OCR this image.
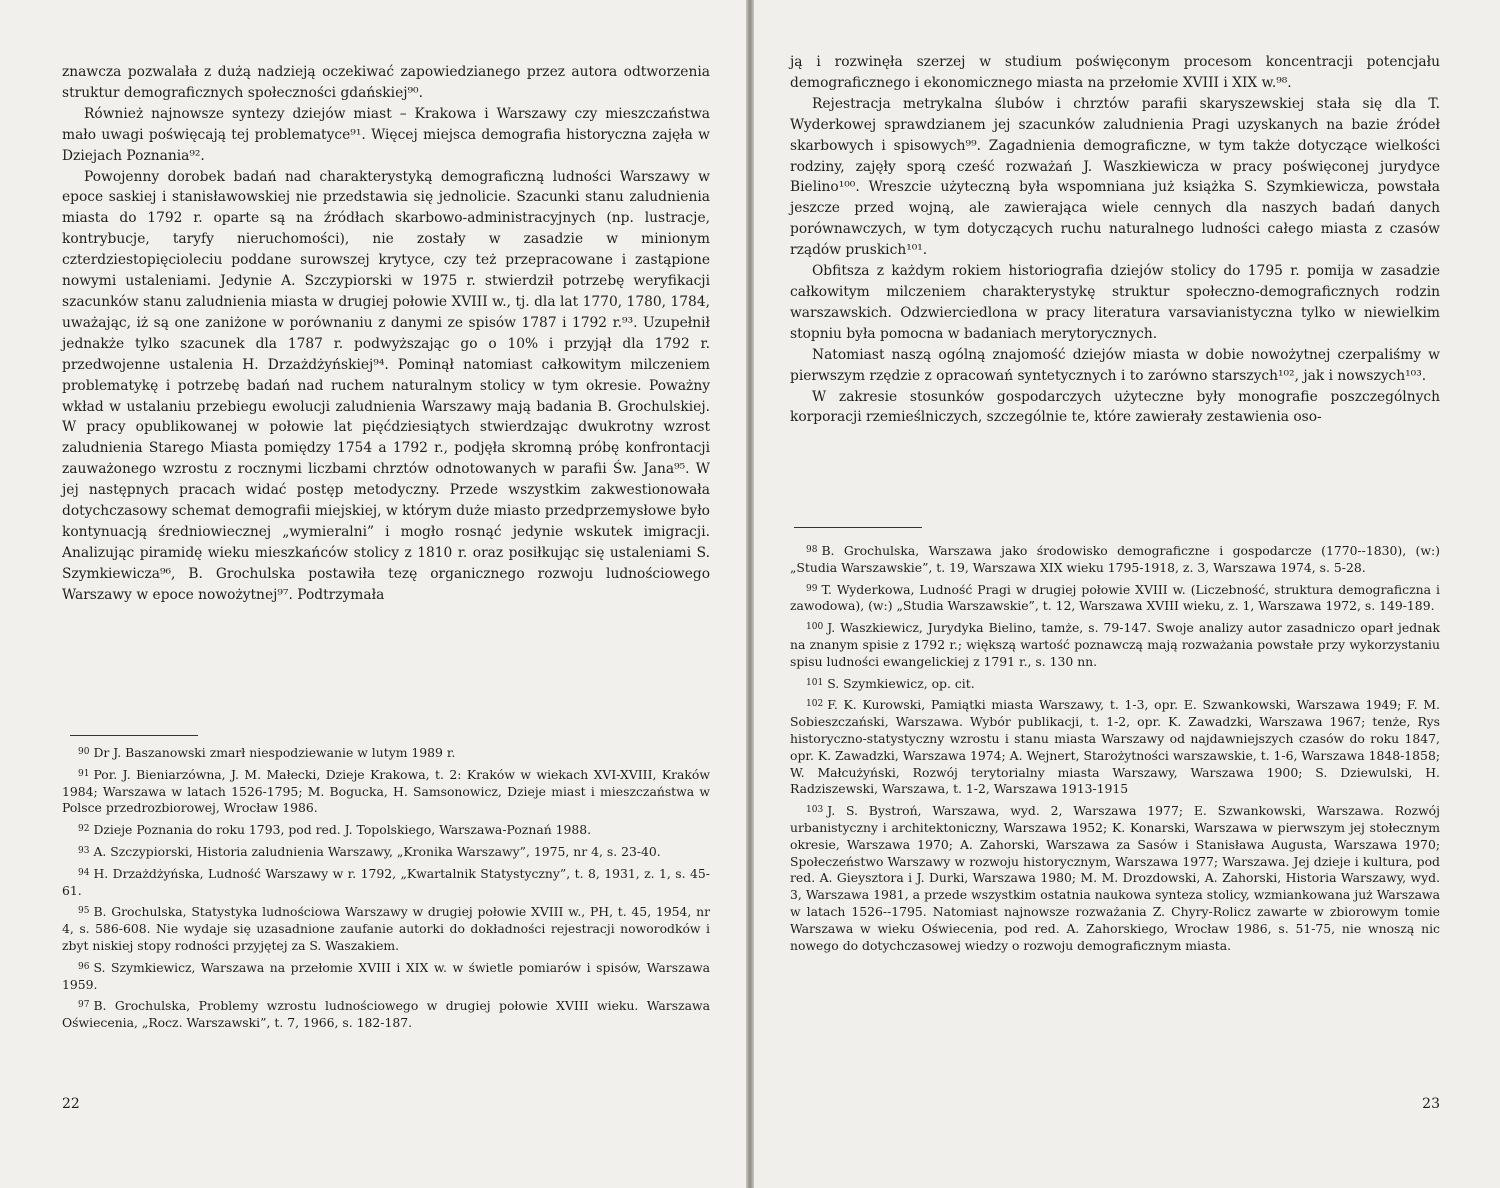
znawcza pozwalała z dużą nadzieją oczekiwać zapowiedzianego przez autora odtworzenia struktur demograficznych społeczności gdańskiej⁹⁰.

Również najnowsze syntezy dziejów miast – Krakowa i Warszawy czy mieszczaństwa mało uwagi poświęcają tej problematyce⁹¹. Więcej miejsca demografia historyczna zajęła w Dziejach Poznania⁹².

Powojenny dorobek badań nad charakterystyką demograficzną ludności Warszawy w epoce saskiej i stanisławowskiej nie przedstawia się jednolicie. Szacunki stanu zaludnienia miasta do 1792 r. oparte są na źródłach skarbowo-administracyjnych (np. lustracje, kontrybucje, taryfy nieruchomości), nie zostały w zasadzie w minionym czterdziestopięcioleciu poddane surowszej krytyce, czy też przepracowane i zastąpione nowymi ustaleniami. Jedynie A. Szczypiorski w 1975 r. stwierdził potrzebę weryfikacji szacunków stanu zaludnienia miasta w drugiej połowie XVIII w., tj. dla lat 1770, 1780, 1784, uważając, iż są one zaniżone w porównaniu z danymi ze spisów 1787 i 1792 r.⁹³. Uzupełnił jednakże tylko szacunek dla 1787 r. podwyższając go o 10% i przyjął dla 1792 r. przedwojenne ustalenia H. Drzażdżyńskiej⁹⁴. Pominął natomiast całkowitym milczeniem problematykę i potrzebę badań nad ruchem naturalnym stolicy w tym okresie. Poważny wkład w ustalaniu przebiegu ewolucji zaludnienia Warszawy mają badania B. Grochulskiej. W pracy opublikowanej w połowie lat pięćdziesiątych stwierdzając dwukrotny wzrost zaludnienia Starego Miasta pomiędzy 1754 a 1792 r., podjęła skromną próbę konfrontacji zauważonego wzrostu z rocznymi liczbami chrztów odnotowanych w parafii Św. Jana⁹⁵. W jej następnych pracach widać postęp metodyczny. Przede wszystkim zakwestionowała dotychczasowy schemat demografii miejskiej, w którym duże miasto przedprzemysłowe było kontynuacją średniowiecznej „wymieralni” i mogło rosnąć jedynie wskutek imigracji. Analizując piramidę wieku mieszkańców stolicy z 1810 r. oraz posiłkując się ustaleniami S. Szymkiewicza⁹⁶, B. Grochulska postawiła tezę organicznego rozwoju ludnościowego Warszawy w epoce nowożytnej⁹⁷. Podtrzymała

$^{90}$ Dr J. Baszanowski zmarł niespodziewanie w lutym 1989 r.

$^{91}$ Por. J. Bieniarzówna, J. M. Małecki, Dzieje Krakowa, t. 2: Kraków w wiekach XVI-XVIII, Kraków 1984; Warszawa w latach 1526-1795; M. Bogucka, H. Samsonowicz, Dzieje miast i mieszczaństwa w Polsce przedrozbiorowej, Wrocław 1986.

$^{92}$ Dzieje Poznania do roku 1793, pod red. J. Topolskiego, Warszawa-Poznań 1988.

$^{93}$ A. Szczypiorski, Historia zaludnienia Warszawy, „Kronika Warszawy”, 1975, nr 4, s. 23-40.

$^{94}$ H. Drzażdżyńska, Ludność Warszawy w r. 1792, „Kwartalnik Statystyczny”, t. 8, 1931, z. 1, s. 45-61.

$^{95}$ B. Grochulska, Statystyka ludnościowa Warszawy w drugiej połowie XVIII w., PH, t. 45, 1954, nr 4, s. 586-608. Nie wydaje się uzasadnione zaufanie autorki do dokładności rejestracji noworodków i zbyt niskiej stopy rodności przyjętej za S. Waszakiem.

$^{96}$ S. Szymkiewicz, Warszawa na przełomie XVIII i XIX w. w świetle pomiarów i spisów, Warszawa 1959.

$^{97}$ B. Grochulska, Problemy wzrostu ludnościowego w drugiej połowie XVIII wieku. Warszawa Oświecenia, „Rocz. Warszawski”, t. 7, 1966, s. 182-187.

22

ją i rozwinęła szerzej w studium poświęconym procesom koncentracji potencjału demograficznego i ekonomicznego miasta na przełomie XVIII i XIX w.⁹⁸.

Rejestracja metrykalna ślubów i chrztów parafii skaryszewskiej stała się dla T. Wyderkowej sprawdzianem jej szacunków zaludnienia Pragi uzyskanych na bazie źródeł skarbowych i spisowych⁹⁹. Zagadnienia demograficzne, w tym także dotyczące wielkości rodziny, zajęły sporą cześć rozważań J. Waszkiewicza w pracy poświęconej jurydyce Bielino¹⁰⁰. Wreszcie użyteczną była wspomniana już książka S. Szymkiewicza, powstała jeszcze przed wojną, ale zawierająca wiele cennych dla naszych badań danych porównawczych, w tym dotyczących ruchu naturalnego ludności całego miasta z czasów rządów pruskich¹⁰¹.

Obfitsza z każdym rokiem historiografia dziejów stolicy do 1795 r. pomija w zasadzie całkowitym milczeniem charakterystykę struktur społeczno-demograficznych rodzin warszawskich. Odzwierciedlona w pracy literatura varsavianistyczna tylko w niewielkim stopniu była pomocna w badaniach merytorycznych.

Natomiast naszą ogólną znajomość dziejów miasta w dobie nowożytnej czerpaliśmy w pierwszym rzędzie z opracowań syntetycznych i to zarówno starszych¹⁰², jak i nowszych¹⁰³.

W zakresie stosunków gospodarczych użyteczne były monografie poszczególnych korporacji rzemieślniczych, szczególnie te, które zawierały zestawienia oso-

$^{98}$ B. Grochulska, Warszawa jako środowisko demograficzne i gospodarcze (1770--1830), (w:) „Studia Warszawskie”, t. 19, Warszawa XIX wieku 1795-1918, z. 3, Warszawa 1974, s. 5-28.

$^{99}$ T. Wyderkowa, Ludność Pragi w drugiej połowie XVIII w. (Liczebność, struktura demograficzna i zawodowa), (w:) „Studia Warszawskie”, t. 12, Warszawa XVIII wieku, z. 1, Warszawa 1972, s. 149-189.

$^{100}$ J. Waszkiewicz, Jurydyka Bielino, tamże, s. 79-147. Swoje analizy autor zasadniczo oparł jednak na znanym spisie z 1792 r.; większą wartość poznawczą mają rozważania powstałe przy wykorzystaniu spisu ludności ewangelickiej z 1791 r., s. 130 nn.

$^{101}$ S. Szymkiewicz, op. cit.

$^{102}$ F. K. Kurowski, Pamiątki miasta Warszawy, t. 1-3, opr. E. Szwankowski, Warszawa 1949; F. M. Sobieszczański, Warszawa. Wybór publikacji, t. 1-2, opr. K. Zawadzki, Warszawa 1967; tenże, Rys historyczno-statystyczny wzrostu i stanu miasta Warszawy od najdawniejszych czasów do roku 1847, opr. K. Zawadzki, Warszawa 1974; A. Wejnert, Starożytności warszawskie, t. 1-6, Warszawa 1848-1858; W. Małcużyński, Rozwój terytorialny miasta Warszawy, Warszawa 1900; S. Dziewulski, H. Radziszewski, Warszawa, t. 1-2, Warszawa 1913-1915

$^{103}$ J. S. Bystroń, Warszawa, wyd. 2, Warszawa 1977; E. Szwankowski, Warszawa. Rozwój urbanistyczny i architektoniczny, Warszawa 1952; K. Konarski, Warszawa w pierwszym jej stołecznym okresie, Warszawa 1970; A. Zahorski, Warszawa za Sasów i Stanisława Augusta, Warszawa 1970; Społeczeństwo Warszawy w rozwoju historycznym, Warszawa 1977; Warszawa. Jej dzieje i kultura, pod red. A. Gieysztora i J. Durki, Warszawa 1980; M. M. Drozdowski, A. Zahorski, Historia Warszawy, wyd. 3, Warszawa 1981, a przede wszystkim ostatnia naukowa synteza stolicy, wzmiankowana już Warszawa w latach 1526--1795. Natomiast najnowsze rozważania Z. Chyry-Rolicz zawarte w zbiorowym tomie Warszawa w wieku Oświecenia, pod red. A. Zahorskiego, Wrocław 1986, s. 51-75, nie wnoszą nic nowego do dotychczasowej wiedzy o rozwoju demograficznym miasta.

23
